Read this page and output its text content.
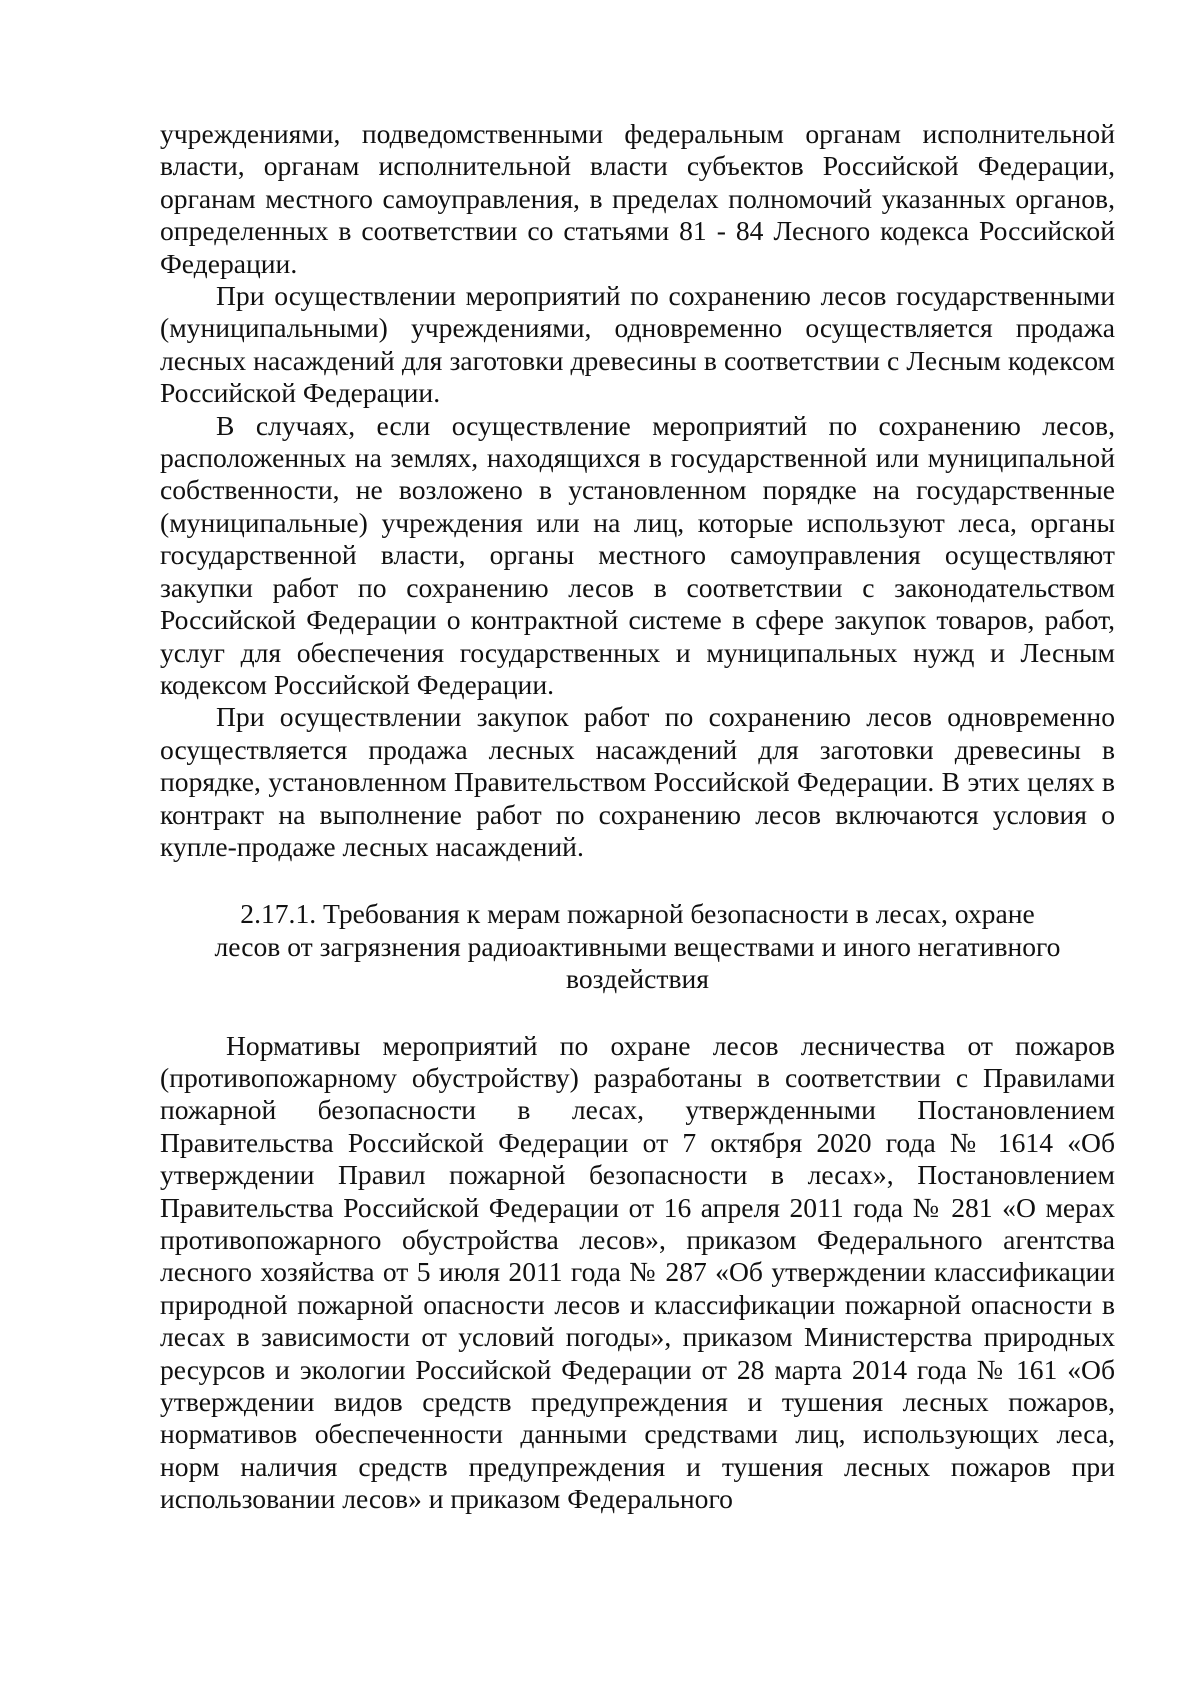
учреждениями, подведомственными федеральным органам исполнительной власти, органам исполнительной власти субъектов Российской Федерации, органам местного самоуправления, в пределах полномочий указанных органов, определенных в соответствии со статьями 81 - 84 Лесного кодекса Российской Федерации.

При осуществлении мероприятий по сохранению лесов государственными (муниципальными) учреждениями, одновременно осуществляется продажа лесных насаждений для заготовки древесины в соответствии с Лесным кодексом Российской Федерации.

В случаях, если осуществление мероприятий по сохранению лесов, расположенных на землях, находящихся в государственной или муниципальной собственности, не возложено в установленном порядке на государственные (муниципальные) учреждения или на лиц, которые используют леса, органы государственной власти, органы местного самоуправления осуществляют закупки работ по сохранению лесов в соответствии с законодательством Российской Федерации о контрактной системе в сфере закупок товаров, работ, услуг для обеспечения государственных и муниципальных нужд и Лесным кодексом Российской Федерации.

При осуществлении закупок работ по сохранению лесов одновременно осуществляется продажа лесных насаждений для заготовки древесины в порядке, установленном Правительством Российской Федерации. В этих целях в контракт на выполнение работ по сохранению лесов включаются условия о купле-продаже лесных насаждений.

2.17.1. Требования к мерам пожарной безопасности в лесах, охране
лесов от загрязнения радиоактивными веществами и иного негативного
воздействия

Нормативы мероприятий по охране лесов лесничества от пожаров (противопожарному обустройству) разработаны в соответствии с Правилами пожарной безопасности в лесах, утвержденными Постановлением Правительства Российской Федерации от 7 октября 2020 года № 1614 «Об утверждении Правил пожарной безопасности в лесах», Постановлением Правительства Российской Федерации от 16 апреля 2011 года № 281 «О мерах противопожарного обустройства лесов», приказом Федерального агентства лесного хозяйства от 5 июля 2011 года № 287 «Об утверждении классификации природной пожарной опасности лесов и классификации пожарной опасности в лесах в зависимости от условий погоды», приказом Министерства природных ресурсов и экологии Российской Федерации от 28 марта 2014 года № 161 «Об утверждении видов средств предупреждения и тушения лесных пожаров, нормативов обеспеченности данными средствами лиц, использующих леса, норм наличия средств предупреждения и тушения лесных пожаров при использовании лесов» и приказом Федерального
